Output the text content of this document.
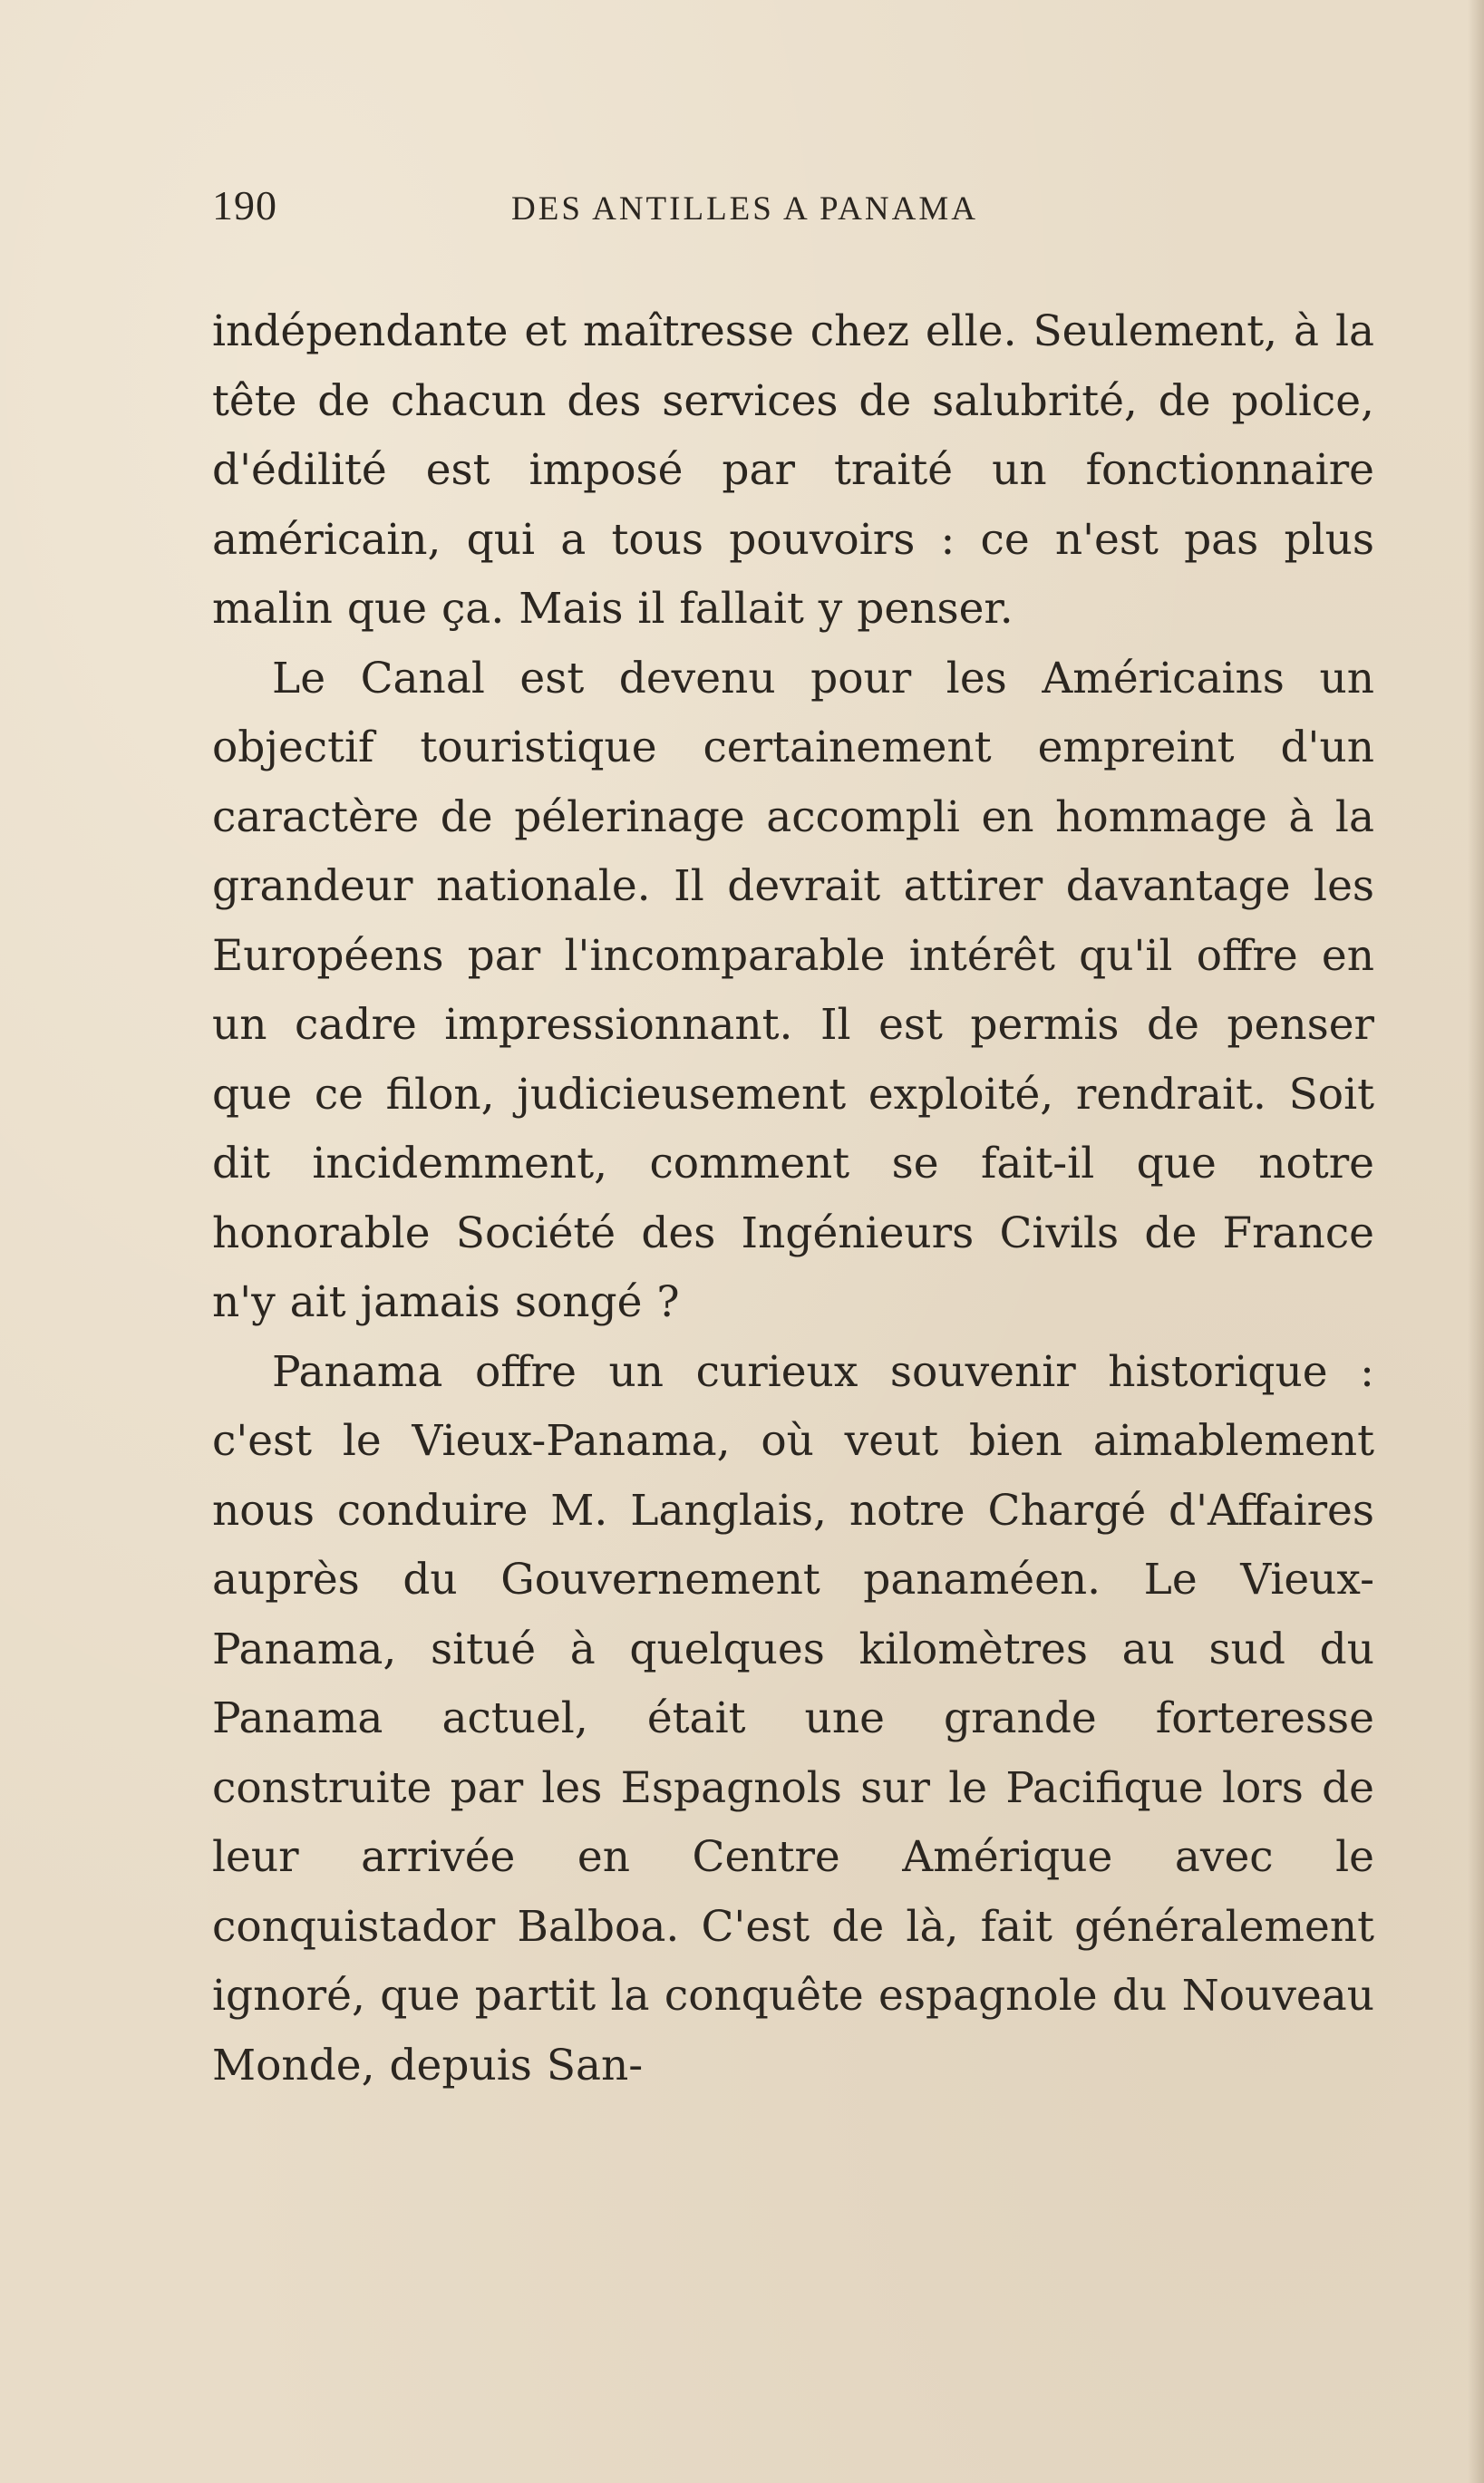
190	DES ANTILLES A PANAMA

indépendante et maîtresse chez elle. Seulement, à la tête de chacun des services de salubrité, de police, d'édilité est imposé par traité un fonctionnaire américain, qui a tous pouvoirs : ce n'est pas plus malin que ça. Mais il fallait y penser.

Le Canal est devenu pour les Américains un objectif touristique certainement empreint d'un caractère de pélerinage accompli en hommage à la grandeur nationale. Il devrait attirer davantage les Européens par l'incomparable intérêt qu'il offre en un cadre impressionnant. Il est permis de penser que ce filon, judicieusement exploité, rendrait. Soit dit incidemment, comment se fait-il que notre honorable Société des Ingénieurs Civils de France n'y ait jamais songé ?

Panama offre un curieux souvenir historique : c'est le Vieux-Panama, où veut bien aimablement nous conduire M. Langlais, notre Chargé d'Affaires auprès du Gouvernement panaméen. Le Vieux-Panama, situé à quelques kilomètres au sud du Panama actuel, était une grande forteresse construite par les Espagnols sur le Pacifique lors de leur arrivée en Centre Amérique avec le conquistador Balboa. C'est de là, fait généralement ignoré, que partit la conquête espagnole du Nouveau Monde, depuis San-
